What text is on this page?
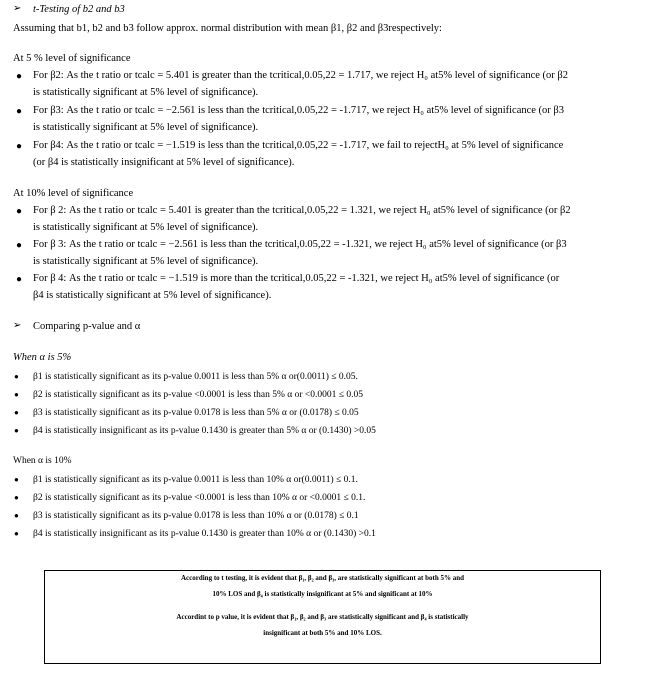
➢ t-Testing of b2 and b3
Assuming that b1, b2 and b3 follow approx. normal distribution with mean β1, β2 and β3respectively:
At 5 % level of significance
● For β2: As the t ratio or tcalc = 5.401 is greater than the tcritical,0.05,22 = 1.717, we reject H₀ at5% level of significance (or β2
is statistically significant at 5% level of significance).
● For β3: As the t ratio or tcalc = −2.561 is less than the tcritical,0.05,22 = -1.717, we reject H₀ at5% level of significance (or β3
is statistically significant at 5% level of significance).
● For β4: As the t ratio or tcalc = −1.519 is less than the tcritical,0.05,22 = -1.717, we fail to rejectH₀ at 5% level of significance
(or β4 is statistically insignificant at 5% level of significance).
At 10% level of significance
● For β 2: As the t ratio or tcalc = 5.401 is greater than the tcritical,0.05,22 = 1.321, we reject H₀ at5% level of significance (or β2
is statistically significant at 5% level of significance).
● For β 3: As the t ratio or tcalc = −2.561 is less than the tcritical,0.05,22 = -1.321, we reject H₀ at5% level of significance (or β3
is statistically significant at 5% level of significance).
● For β 4: As the t ratio or tcalc = −1.519 is more than the tcritical,0.05,22 = -1.321, we reject H₀ at5% level of significance (or
β4 is statistically significant at 5% level of significance).
➢ Comparing p-value and α
When α is 5%
● β1 is statistically significant as its p-value 0.0011 is less than 5% α or(0.0011) ≤ 0.05.
● β2 is statistically significant as its p-value <0.0001 is less than 5% α or <0.0001 ≤ 0.05
● β3 is statistically significant as its p-value 0.0178 is less than 5% α or (0.0178) ≤ 0.05
● β4 is statistically insignificant as its p-value 0.1430 is greater than 5% α or (0.1430) >0.05
When α is 10%
● β1 is statistically significant as its p-value 0.0011 is less than 10% α or(0.0011) ≤ 0.1.
● β2 is statistically significant as its p-value <0.0001 is less than 10% α or <0.0001 ≤ 0.1.
● β3 is statistically significant as its p-value 0.0178 is less than 10% α or (0.0178) ≤ 0.1
● β4 is statistically insignificant as its p-value 0.1430 is greater than 10% α or (0.1430) >0.1
According to t testing, it is evident that β₁, β₂ and β₃, are statistically significant at both 5% and
10% LOS and β₄ is statistically insignificant at 5% and significant at 10%
Accordint to p value, it is evident that β₁, β₂ and β₃ are statistically significant and β₄ is statistically
insignificant at both 5% and 10% LOS.
